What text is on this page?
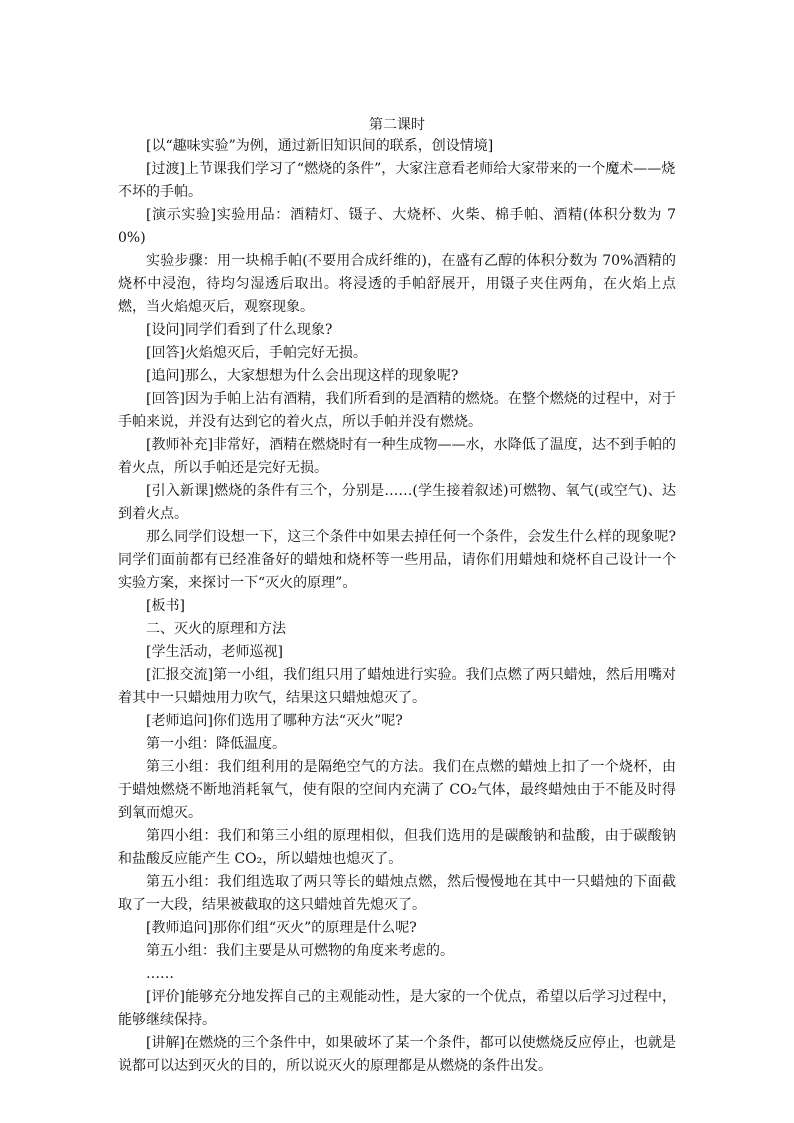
第二课时

[以“趣味实验”为例，通过新旧知识间的联系，创设情境]

[过渡]上节课我们学习了“燃烧的条件”，大家注意看老师给大家带来的一个魔术——烧

不坏的手帕。

[演示实验]实验用品：酒精灯、镊子、大烧杯、火柴、棉手帕、酒精(体积分数为 70%)

实验步骤：用一块棉手帕(不要用合成纤维的)，在盛有乙醇的体积分数为 70%酒精的烧杯中浸泡，待均匀湿透后取出。将浸透的手帕舒展开，用镊子夹住两角，在火焰上点燃，当火焰熄灭后，观察现象。

[设问]同学们看到了什么现象?

[回答]火焰熄灭后，手帕完好无损。

[追问]那么，大家想想为什么会出现这样的现象呢?

[回答]因为手帕上沾有酒精，我们所看到的是酒精的燃烧。在整个燃烧的过程中，对于手帕来说，并没有达到它的着火点，所以手帕并没有燃烧。

[教师补充]非常好，酒精在燃烧时有一种生成物——水，水降低了温度，达不到手帕的着火点，所以手帕还是完好无损。

[引入新课]燃烧的条件有三个，分别是……(学生接着叙述)可燃物、氧气(或空气)、达到着火点。

那么同学们设想一下，这三个条件中如果去掉任何一个条件，会发生什么样的现象呢?同学们面前都有已经准备好的蜡烛和烧杯等一些用品，请你们用蜡烛和烧杯自己设计一个实验方案，来探讨一下“灭火的原理”。

[板书]

二、灭火的原理和方法

[学生活动，老师巡视]

[汇报交流]第一小组，我们组只用了蜡烛进行实验。我们点燃了两只蜡烛，然后用嘴对着其中一只蜡烛用力吹气，结果这只蜡烛熄灭了。

[老师追问]你们选用了哪种方法“灭火”呢?

第一小组：降低温度。

第三小组：我们组利用的是隔绝空气的方法。我们在点燃的蜡烛上扣了一个烧杯，由于蜡烛燃烧不断地消耗氧气，使有限的空间内充满了 CO₂气体，最终蜡烛由于不能及时得到氧而熄灭。

第四小组：我们和第三小组的原理相似，但我们选用的是碳酸钠和盐酸，由于碳酸钠和盐酸反应能产生 CO₂，所以蜡烛也熄灭了。

第五小组：我们组选取了两只等长的蜡烛点燃，然后慢慢地在其中一只蜡烛的下面截取了一大段，结果被截取的这只蜡烛首先熄灭了。

[教师追问]那你们组“灭火”的原理是什么呢?

第五小组：我们主要是从可燃物的角度来考虑的。

……

[评价]能够充分地发挥自己的主观能动性，是大家的一个优点，希望以后学习过程中，能够继续保持。

[讲解]在燃烧的三个条件中，如果破坏了某一个条件，都可以使燃烧反应停止，也就是说都可以达到灭火的目的，所以说灭火的原理都是从燃烧的条件出发。
